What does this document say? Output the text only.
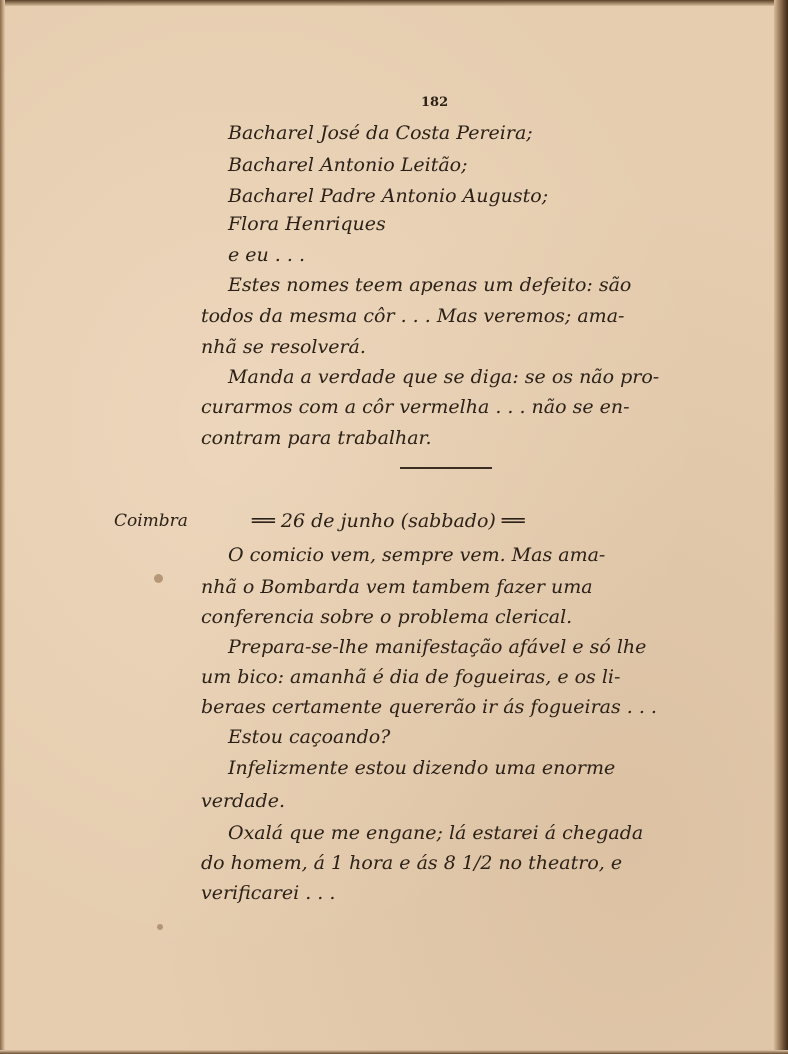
182
Bacharel José da Costa Pereira;
Bacharel Antonio Leitão;
Bacharel Padre Antonio Augusto;
Flora Henriques
e eu . . .
Estes nomes teem apenas um defeito: são
todos da mesma côr . . . Mas veremos; ama-
nhã se resolverá.
Manda a verdade que se diga: se os não pro-
curarmos com a côr vermelha . . . não se en-
contram para trabalhar.
Coimbra	══ 26 de junho (sabbado) ══
O comicio vem, sempre vem. Mas ama-
nhã o Bombarda vem tambem fazer uma
conferencia sobre o problema clerical.
Prepara-se-lhe manifestação afável e só lhe
um bico: amanhã é dia de fogueiras, e os li-
beraes certamente quererão ir ás fogueiras . . .
Estou caçoando?
Infelizmente estou dizendo uma enorme
verdade.
Oxalá que me engane; lá estarei á chegada
do homem, á 1 hora e ás 8 1/2 no theatro, e
verificarei . . .
